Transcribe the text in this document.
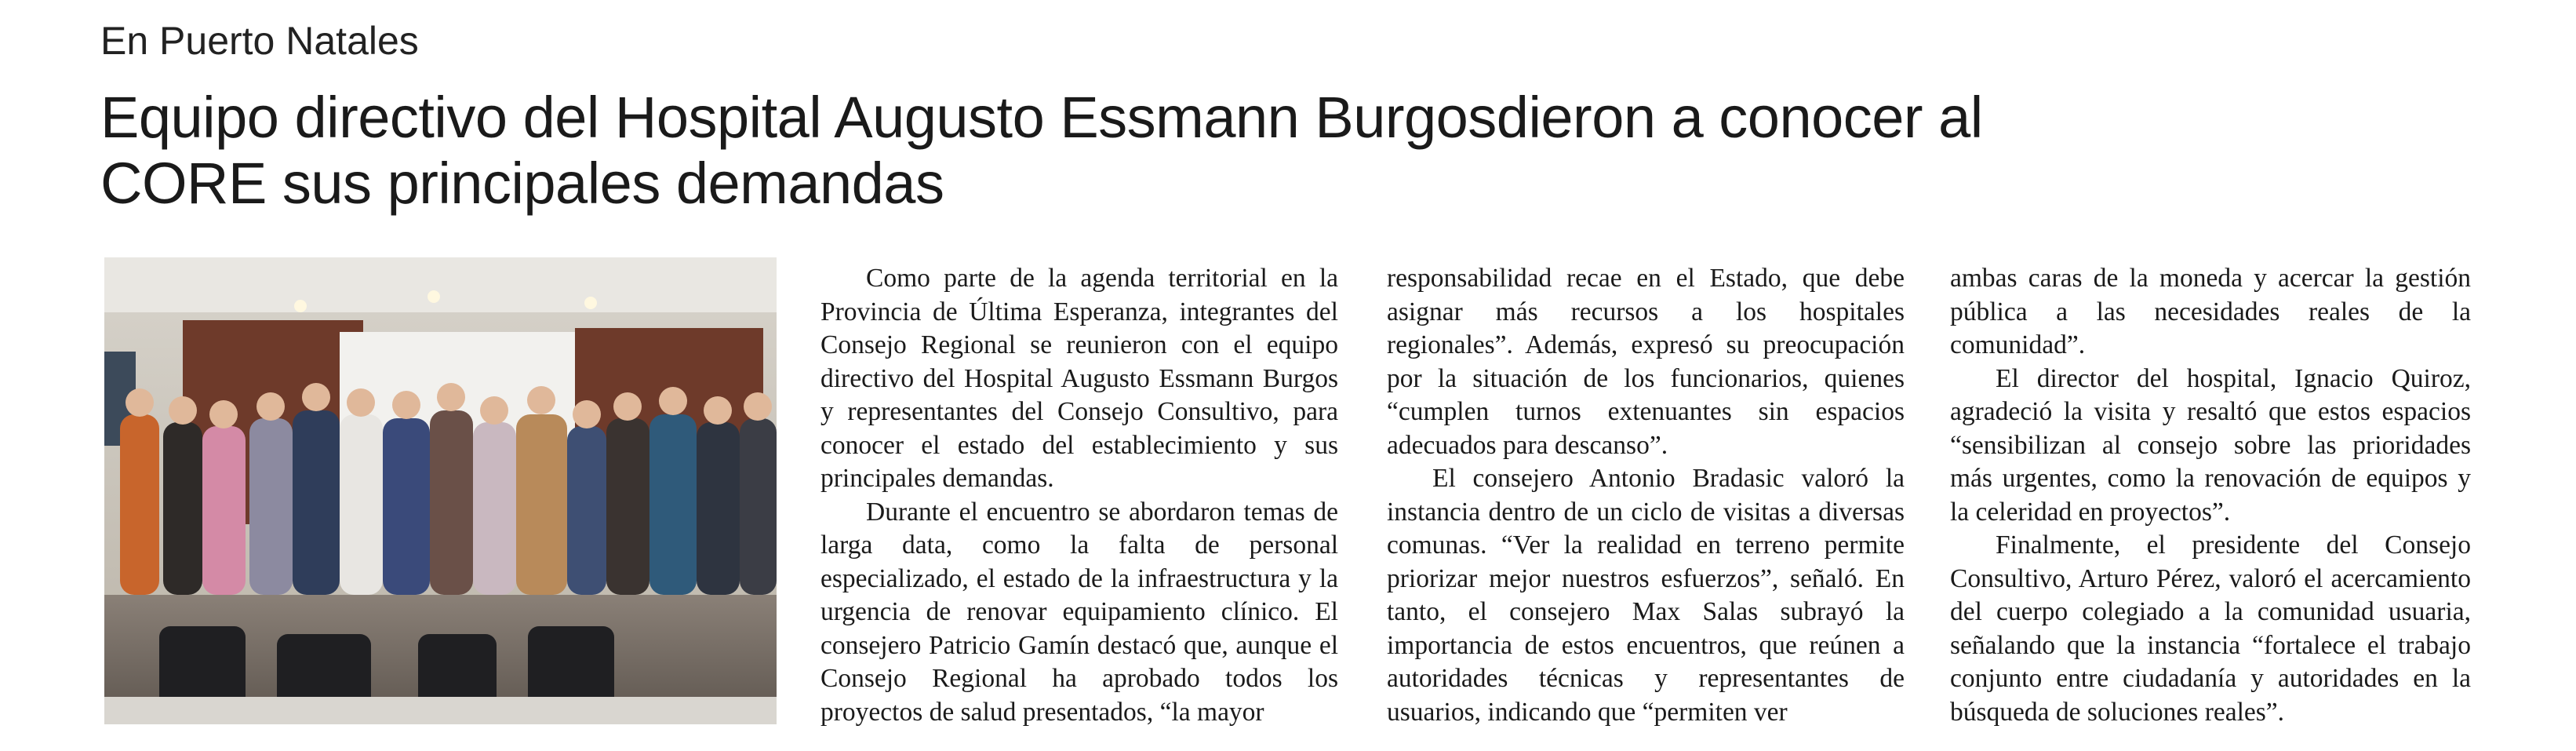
En Puerto Natales
Equipo directivo del Hospital Augusto Essmann Burgosdieron a conocer al CORE sus principales demandas

Como parte de la agenda territorial en la Provincia de Última Esperanza, integrantes del Consejo Regional se reunieron con el equipo directivo del Hospital Augusto Essmann Burgos y representantes del Consejo Consultivo, para conocer el estado del establecimiento y sus principales demandas.

Durante el encuentro se abordaron temas de larga data, como la falta de personal especializado, el estado de la infraestructura y la urgencia de renovar equipamiento clínico. El consejero Patricio Gamín destacó que, aunque el Consejo Regional ha aprobado todos los proyectos de salud presentados, “la mayor

responsabilidad recae en el Estado, que debe asignar más recursos a los hospitales regionales”. Además, expresó su preocupación por la situación de los funcionarios, quienes “cumplen turnos extenuantes sin espacios adecuados para descanso”.

El consejero Antonio Bradasic valoró la instancia dentro de un ciclo de visitas a diversas comunas. “Ver la realidad en terreno permite priorizar mejor nuestros esfuerzos”, señaló. En tanto, el consejero Max Salas subrayó la importancia de estos encuentros, que reúnen a autoridades técnicas y representantes de usuarios, indicando que “permiten ver

ambas caras de la moneda y acercar la gestión pública a las necesidades reales de la comunidad”.

El director del hospital, Ignacio Quiroz, agradeció la visita y resaltó que estos espacios “sensibilizan al consejo sobre las prioridades más urgentes, como la renovación de equipos y la celeridad en proyectos”.

Finalmente, el presidente del Consejo Consultivo, Arturo Pérez, valoró el acercamiento del cuerpo colegiado a la comunidad usuaria, señalando que la instancia “fortalece el trabajo conjunto entre ciudadanía y autoridades en la búsqueda de soluciones reales”.
